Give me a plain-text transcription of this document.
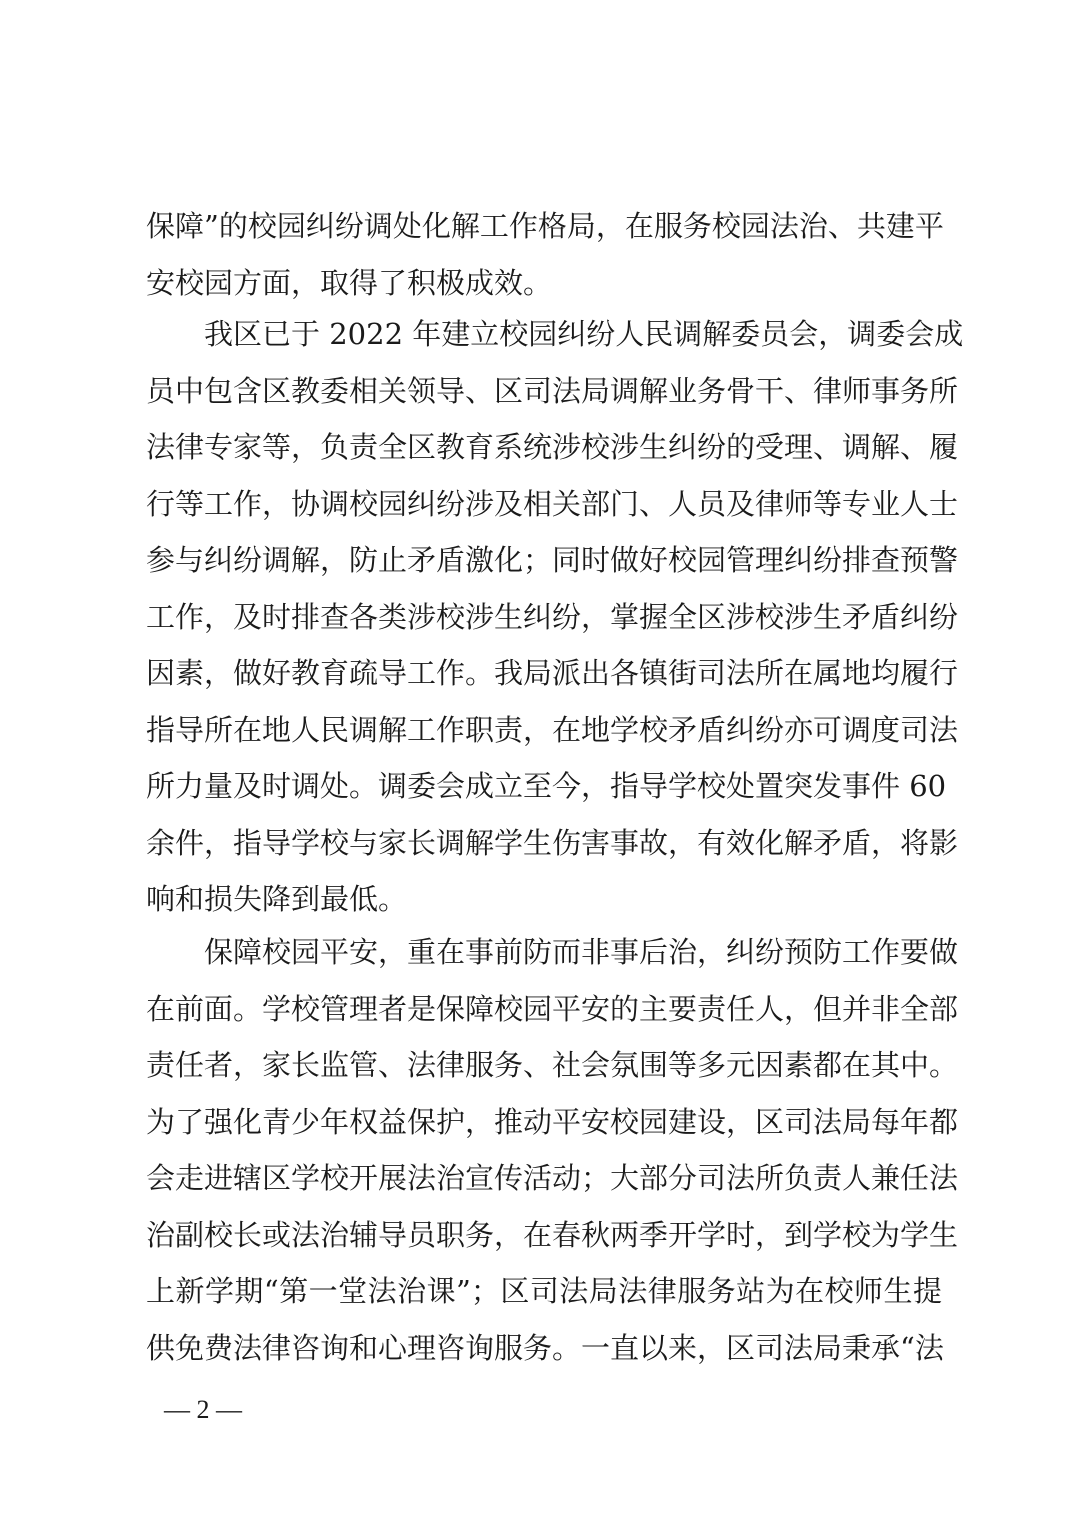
保障”的校园纠纷调处化解工作格局，在服务校园法治、共建平
安校园方面，取得了积极成效。
我区已于 2022 年建立校园纠纷人民调解委员会，调委会成
员中包含区教委相关领导、区司法局调解业务骨干、律师事务所
法律专家等，负责全区教育系统涉校涉生纠纷的受理、调解、履
行等工作，协调校园纠纷涉及相关部门、人员及律师等专业人士
参与纠纷调解，防止矛盾激化；同时做好校园管理纠纷排查预警
工作，及时排查各类涉校涉生纠纷，掌握全区涉校涉生矛盾纠纷
因素，做好教育疏导工作。我局派出各镇街司法所在属地均履行
指导所在地人民调解工作职责，在地学校矛盾纠纷亦可调度司法
所力量及时调处。调委会成立至今，指导学校处置突发事件 60
余件，指导学校与家长调解学生伤害事故，有效化解矛盾，将影
响和损失降到最低。
保障校园平安，重在事前防而非事后治，纠纷预防工作要做
在前面。学校管理者是保障校园平安的主要责任人，但并非全部
责任者，家长监管、法律服务、社会氛围等多元因素都在其中。
为了强化青少年权益保护，推动平安校园建设，区司法局每年都
会走进辖区学校开展法治宣传活动；大部分司法所负责人兼任法
治副校长或法治辅导员职务，在春秋两季开学时，到学校为学生
上新学期“第一堂法治课”；区司法局法律服务站为在校师生提
供免费法律咨询和心理咨询服务。一直以来，区司法局秉承“法
— 2 —
